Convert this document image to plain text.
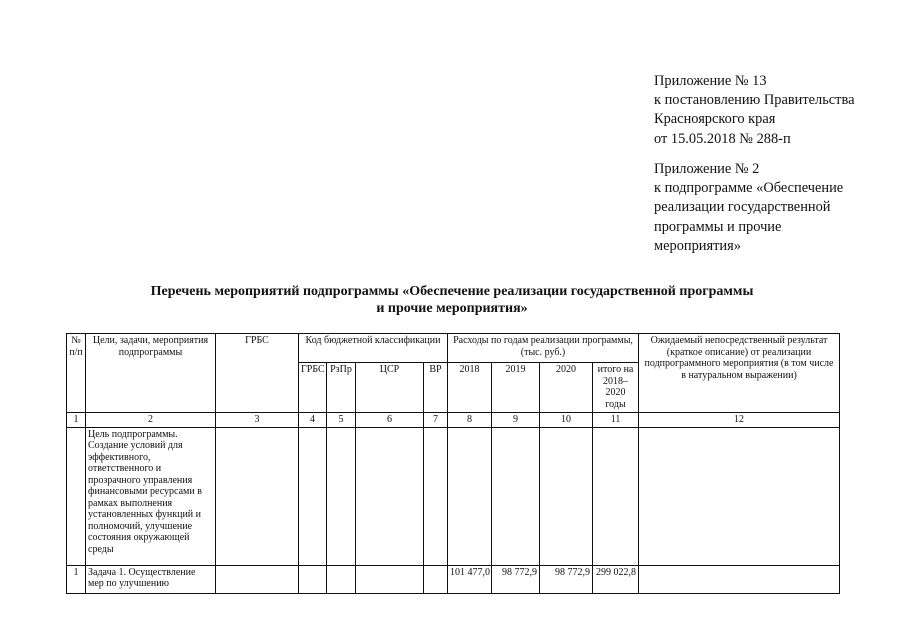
Приложение № 13
к постановлению Правительства
Красноярского края
от 15.05.2018 № 288-п
Приложение № 2
к подпрограмме «Обеспечение
реализации государственной
программы и прочие
мероприятия»
Перечень мероприятий подпрограммы «Обеспечение реализации государственной программы
и прочие мероприятия»
№ п/п	Цели, задачи, мероприятия подпрограммы	ГРБС	Код бюджетной классификации				Расходы по годам реализации программы, (тыс. руб.)				Ожидаемый непосредственный результат (краткое описание) от реализации подпрограммного мероприятия (в том числе в натуральном выражении)
			ГРБС	РзПр	ЦСР	ВР	2018	2019	2020	итого на 2018–2020 годы	
1	2	3	4	5	6	7	8	9	10	11	12
	Цель подпрограммы. Создание условий для эффективного, ответственного и прозрачного управления финансовыми ресурсами в рамках выполнения установленных функций и полномочий, улучшение состояния окружающей среды										
1	Задача 1. Осуществление мер по улучшению						101 477,0	98 772,9	98 772,9	299 022,8	
